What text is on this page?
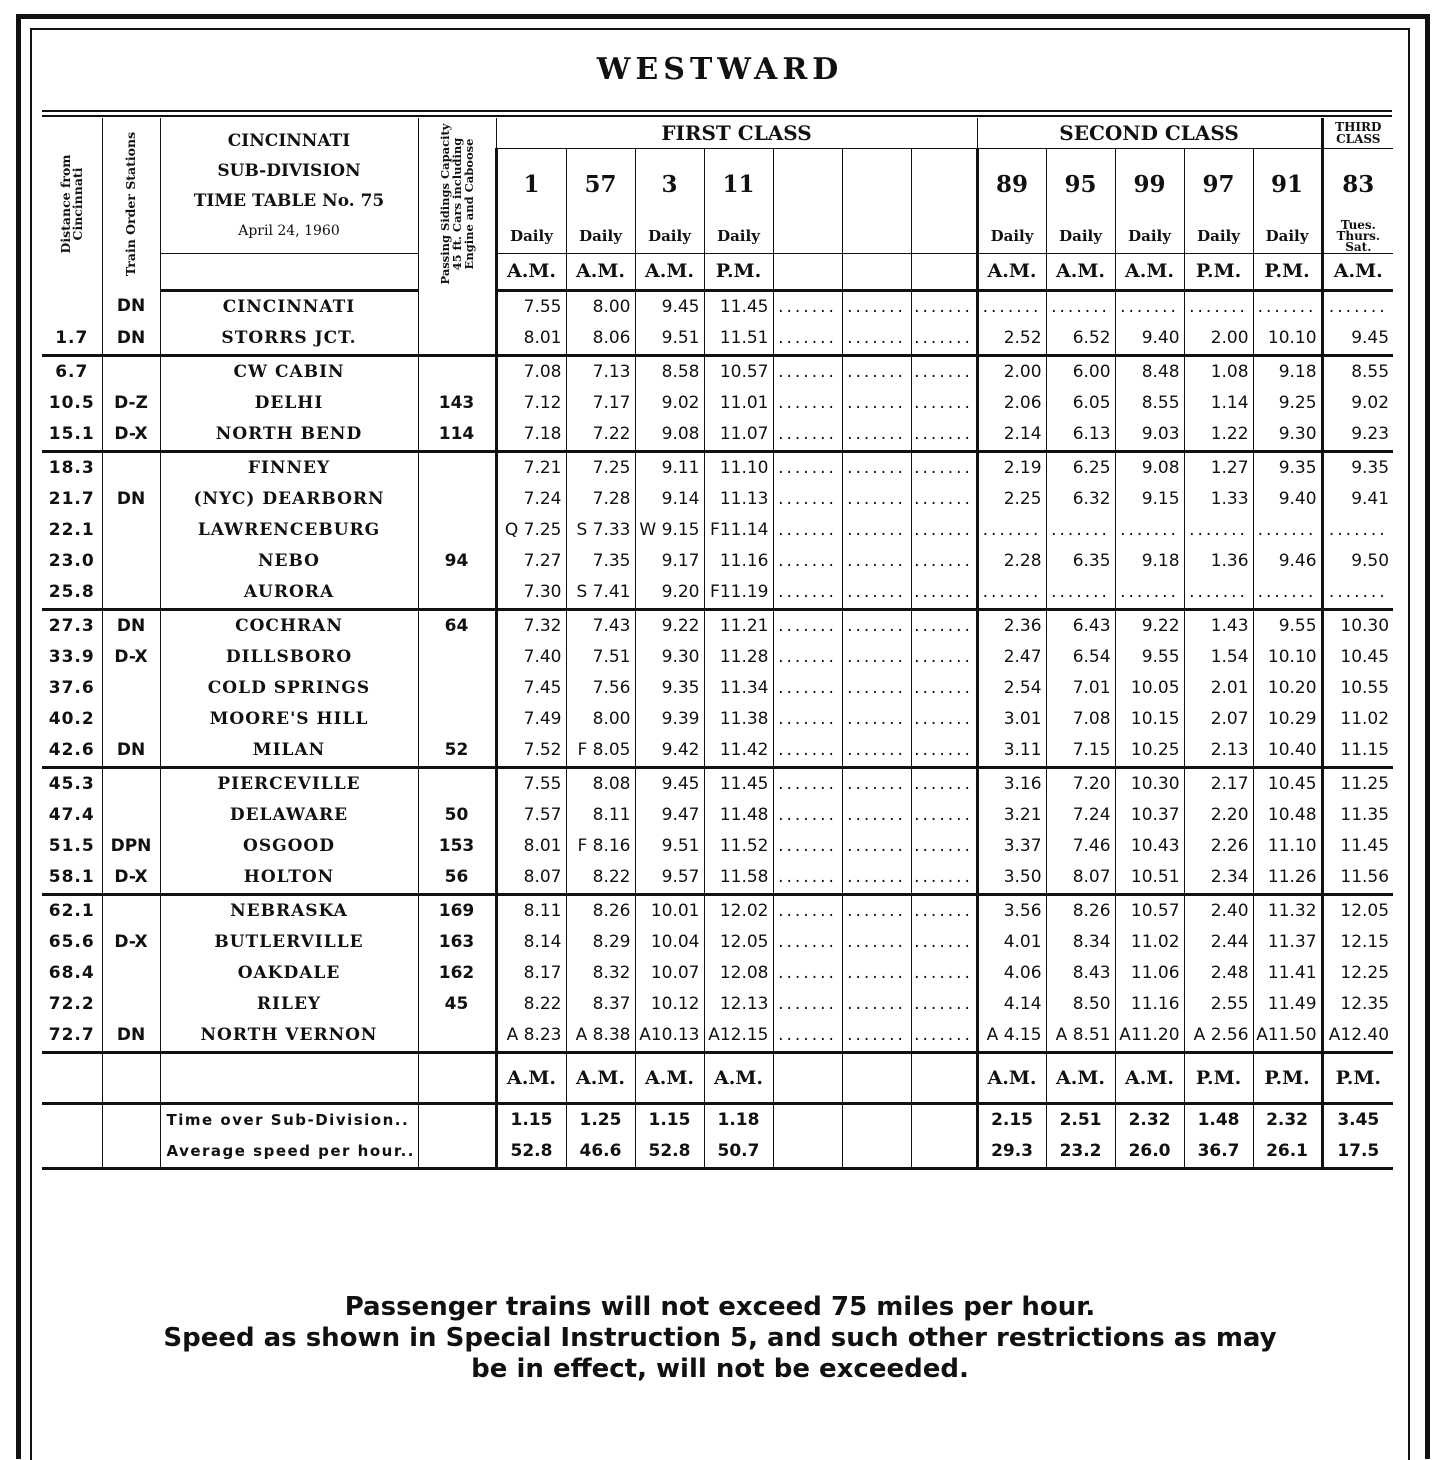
WESTWARD
Distance from Cincinnati	Train Order Stations	CINCINNATI
SUB-DIVISION
TIME TABLE No. 75
April 24, 1960	Passing Sidings Capacity 45 ft. Cars including Engine and Caboose	FIRST CLASS							SECOND CLASS					THIRD CLASS
				1	57	3	11				89	95	99	97	91	83
				Daily	Daily	Daily	Daily				Daily	Daily	Daily	Daily	Daily	Tues. Thurs. Sat.
				A.M.	A.M.	A.M.	P.M.				A.M.	A.M.	A.M.	P.M.	P.M.	A.M.
	DN	CINCINNATI		7.55	8.00	9.45	11.45	.......	.......	.......	.......	.......	.......	.......	.......	.......
1.7	DN	STORRS JCT.		8.01	8.06	9.51	11.51	.......	.......	.......	2.52	6.52	9.40	2.00	10.10	9.45
6.7		CW CABIN		7.08	7.13	8.58	10.57	.......	.......	.......	2.00	6.00	8.48	1.08	9.18	8.55
10.5	D-Z	DELHI	143	7.12	7.17	9.02	11.01	.......	.......	.......	2.06	6.05	8.55	1.14	9.25	9.02
15.1	D-X	NORTH BEND	114	7.18	7.22	9.08	11.07	.......	.......	.......	2.14	6.13	9.03	1.22	9.30	9.23
18.3		FINNEY		7.21	7.25	9.11	11.10	.......	.......	.......	2.19	6.25	9.08	1.27	9.35	9.35
21.7	DN	(NYC) DEARBORN		7.24	7.28	9.14	11.13	.......	.......	.......	2.25	6.32	9.15	1.33	9.40	9.41
22.1		LAWRENCEBURG		Q 7.25	S 7.33	W 9.15	F11.14	.......	.......	.......	.......	.......	.......	.......	.......	.......
23.0		NEBO	94	7.27	7.35	9.17	11.16	.......	.......	.......	2.28	6.35	9.18	1.36	9.46	9.50
25.8		AURORA		7.30	S 7.41	9.20	F11.19	.......	.......	.......	.......	.......	.......	.......	.......	.......
27.3	DN	COCHRAN	64	7.32	7.43	9.22	11.21	.......	.......	.......	2.36	6.43	9.22	1.43	9.55	10.30
33.9	D-X	DILLSBORO		7.40	7.51	9.30	11.28	.......	.......	.......	2.47	6.54	9.55	1.54	10.10	10.45
37.6		COLD SPRINGS		7.45	7.56	9.35	11.34	.......	.......	.......	2.54	7.01	10.05	2.01	10.20	10.55
40.2		MOORE'S HILL		7.49	8.00	9.39	11.38	.......	.......	.......	3.01	7.08	10.15	2.07	10.29	11.02
42.6	DN	MILAN	52	7.52	F 8.05	9.42	11.42	.......	.......	.......	3.11	7.15	10.25	2.13	10.40	11.15
45.3		PIERCEVILLE		7.55	8.08	9.45	11.45	.......	.......	.......	3.16	7.20	10.30	2.17	10.45	11.25
47.4		DELAWARE	50	7.57	8.11	9.47	11.48	.......	.......	.......	3.21	7.24	10.37	2.20	10.48	11.35
51.5	DPN	OSGOOD	153	8.01	F 8.16	9.51	11.52	.......	.......	.......	3.37	7.46	10.43	2.26	11.10	11.45
58.1	D-X	HOLTON	56	8.07	8.22	9.57	11.58	.......	.......	.......	3.50	8.07	10.51	2.34	11.26	11.56
62.1		NEBRASKA	169	8.11	8.26	10.01	12.02	.......	.......	.......	3.56	8.26	10.57	2.40	11.32	12.05
65.6	D-X	BUTLERVILLE	163	8.14	8.29	10.04	12.05	.......	.......	.......	4.01	8.34	11.02	2.44	11.37	12.15
68.4		OAKDALE	162	8.17	8.32	10.07	12.08	.......	.......	.......	4.06	8.43	11.06	2.48	11.41	12.25
72.2		RILEY	45	8.22	8.37	10.12	12.13	.......	.......	.......	4.14	8.50	11.16	2.55	11.49	12.35
72.7	DN	NORTH VERNON		A 8.23	A 8.38	A10.13	A12.15	.......	.......	.......	A 4.15	A 8.51	A11.20	A 2.56	A11.50	A12.40
				A.M.	A.M.	A.M.	A.M.				A.M.	A.M.	A.M.	P.M.	P.M.	P.M.
		Time over Sub-Division..		1.15	1.25	1.15	1.18				2.15	2.51	2.32	1.48	2.32	3.45
		Average speed per hour..		52.8	46.6	52.8	50.7				29.3	23.2	26.0	36.7	26.1	17.5
Passenger trains will not exceed 75 miles per hour.
Speed as shown in Special Instruction 5, and such other restrictions as may
be in effect, will not be exceeded.
